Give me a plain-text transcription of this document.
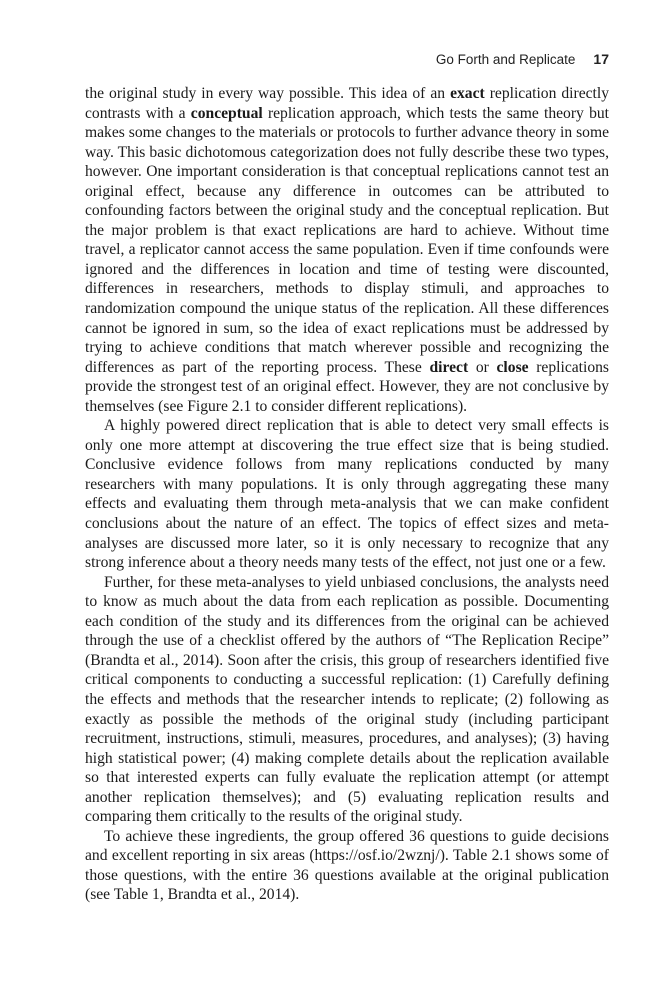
Go Forth and Replicate 17

the original study in every way possible. This idea of an exact replication directly contrasts with a conceptual replication approach, which tests the same theory but makes some changes to the materials or protocols to further advance theory in some way. This basic dichotomous categorization does not fully describe these two types, however. One important consideration is that conceptual replications cannot test an original effect, because any difference in outcomes can be attributed to confounding factors between the original study and the conceptual replication. But the major problem is that exact replications are hard to achieve. Without time travel, a replicator cannot access the same population. Even if time confounds were ignored and the differences in location and time of testing were discounted, differences in researchers, methods to display stimuli, and approaches to randomization compound the unique status of the replication. All these differences cannot be ignored in sum, so the idea of exact replications must be addressed by trying to achieve conditions that match wherever possible and recognizing the differences as part of the reporting process. These direct or close replications provide the strongest test of an original effect. However, they are not conclusive by themselves (see Figure 2.1 to consider different replications).

A highly powered direct replication that is able to detect very small effects is only one more attempt at discovering the true effect size that is being studied. Conclusive evidence follows from many replications conducted by many researchers with many populations. It is only through aggregating these many effects and evaluating them through meta-analysis that we can make confident conclusions about the nature of an effect. The topics of effect sizes and meta-analyses are discussed more later, so it is only necessary to recognize that any strong inference about a theory needs many tests of the effect, not just one or a few.

Further, for these meta-analyses to yield unbiased conclusions, the analysts need to know as much about the data from each replication as possible. Documenting each condition of the study and its differences from the original can be achieved through the use of a checklist offered by the authors of “The Replication Recipe” (Brandta et al., 2014). Soon after the crisis, this group of researchers identified five critical components to conducting a successful replication: (1) Carefully defining the effects and methods that the researcher intends to replicate; (2) following as exactly as possible the methods of the original study (including participant recruitment, instructions, stimuli, measures, procedures, and analyses); (3) having high statistical power; (4) making complete details about the replication available so that interested experts can fully evaluate the replication attempt (or attempt another replication themselves); and (5) evaluating replication results and comparing them critically to the results of the original study.

To achieve these ingredients, the group offered 36 questions to guide decisions and excellent reporting in six areas (https://osf.io/2wznj/). Table 2.1 shows some of those questions, with the entire 36 questions available at the original publication (see Table 1, Brandta et al., 2014).
